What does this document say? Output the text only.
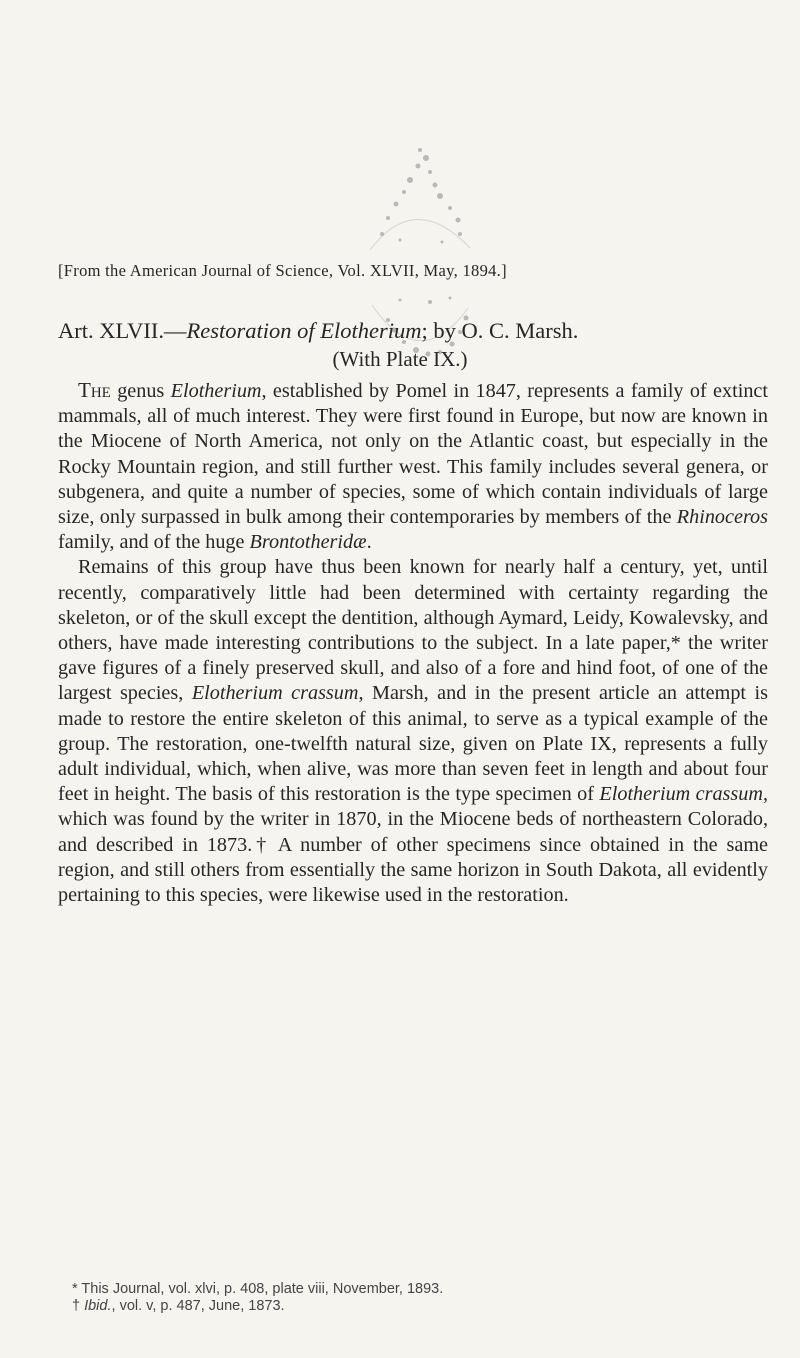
[From the American Journal of Science, Vol. XLVII, May, 1894.]
Art. XLVII.—Restoration of Elotherium; by O. C. Marsh.
(With Plate IX.)

The genus Elotherium, established by Pomel in 1847, represents a family of extinct mammals, all of much interest. They were first found in Europe, but now are known in the Miocene of North America, not only on the Atlantic coast, but especially in the Rocky Mountain region, and still further west. This family includes several genera, or subgenera, and quite a number of species, some of which contain individuals of large size, only surpassed in bulk among their contemporaries by members of the Rhinoceros family, and of the huge Brontotheridæ.

Remains of this group have thus been known for nearly half a century, yet, until recently, comparatively little had been determined with certainty regarding the skeleton, or of the skull except the dentition, although Aymard, Leidy, Kowalevsky, and others, have made interesting contributions to the subject. In a late paper,* the writer gave figures of a finely preserved skull, and also of a fore and hind foot, of one of the largest species, Elotherium crassum, Marsh, and in the present article an attempt is made to restore the entire skeleton of this animal, to serve as a typical example of the group. The restoration, one-twelfth natural size, given on Plate IX, represents a fully adult individual, which, when alive, was more than seven feet in length and about four feet in height. The basis of this restoration is the type specimen of Elotherium crassum, which was found by the writer in 1870, in the Miocene beds of northeastern Colorado, and described in 1873.† A number of other specimens since obtained in the same region, and still others from essentially the same horizon in South Dakota, all evidently pertaining to this species, were likewise used in the restoration.

* This Journal, vol. xlvi, p. 408, plate viii, November, 1893.
† Ibid., vol. v, p. 487, June, 1873.
